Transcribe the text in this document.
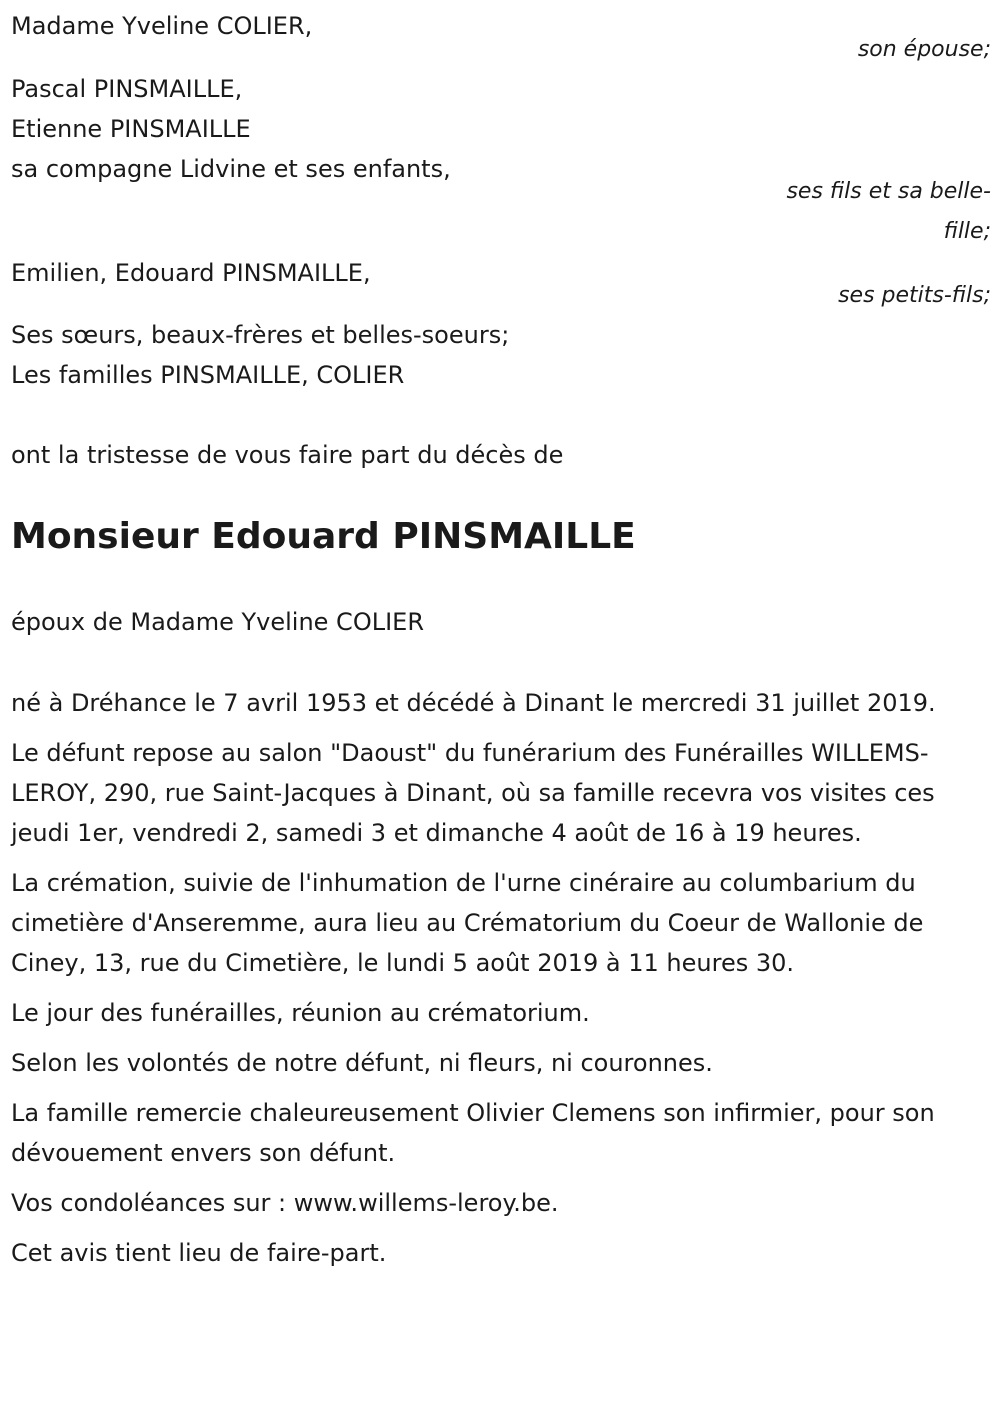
Madame Yveline COLIER,

son épouse;

Pascal PINSMAILLE,

Etienne PINSMAILLE

sa compagne Lidvine et ses enfants,

ses fils et sa belle-fille;

Emilien, Edouard PINSMAILLE,

ses petits-fils;

Ses sœurs, beaux-frères et belles-soeurs;

Les familles PINSMAILLE, COLIER

ont la tristesse de vous faire part du décès de

Monsieur Edouard PINSMAILLE

époux de Madame Yveline COLIER

né à Dréhance le 7 avril 1953 et décédé à Dinant le mercredi 31 juillet 2019.

Le défunt repose au salon "Daoust" du funérarium des Funérailles WILLEMS-LEROY, 290, rue Saint-Jacques à Dinant, où sa famille recevra vos visites ces jeudi 1er, vendredi 2, samedi 3 et dimanche 4 août de 16 à 19 heures.

La crémation, suivie de l'inhumation de l'urne cinéraire au columbarium du cimetière d'Anseremme, aura lieu au Crématorium du Coeur de Wallonie de Ciney, 13, rue du Cimetière, le lundi 5 août 2019 à 11 heures 30.

Le jour des funérailles, réunion au crématorium.

Selon les volontés de notre défunt, ni fleurs, ni couronnes.

La famille remercie chaleureusement Olivier Clemens son infirmier, pour son dévouement envers son défunt.

Vos condoléances sur : www.willems-leroy.be.

Cet avis tient lieu de faire-part.
